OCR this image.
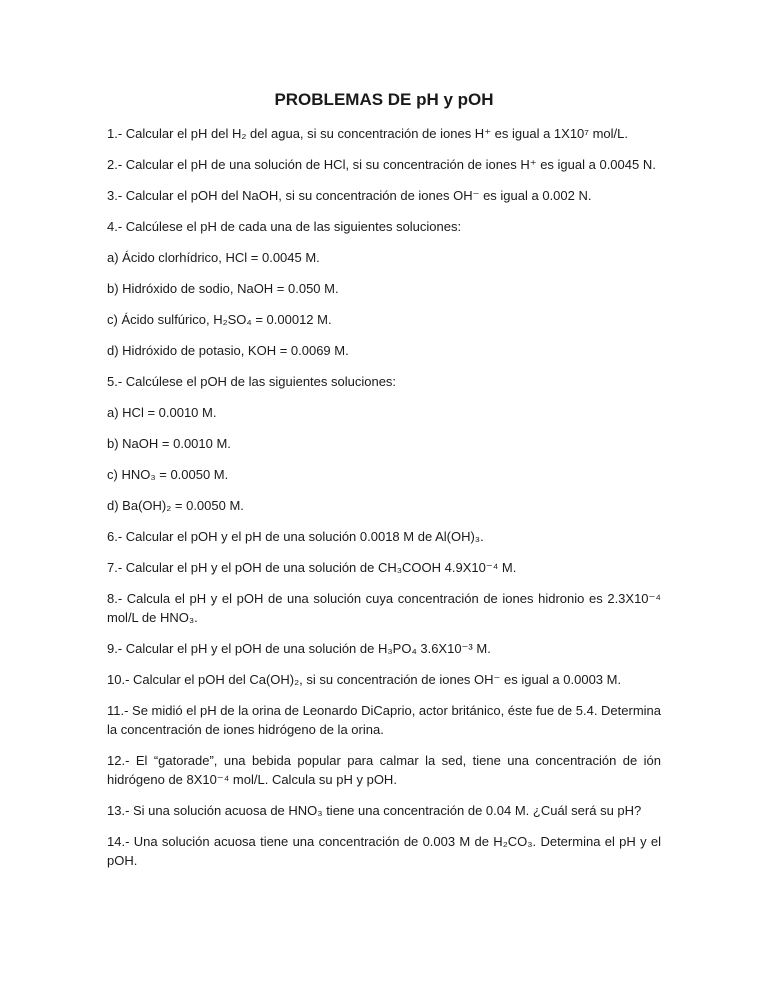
PROBLEMAS DE pH y pOH

1.- Calcular el pH del H₂ del agua, si su concentración de iones H⁺ es igual a 1X10⁷ mol/L.

2.- Calcular el pH de una solución de HCl, si su concentración de iones H⁺ es igual a 0.0045 N.

3.- Calcular el pOH del NaOH, si su concentración de iones OH⁻ es igual a 0.002 N.

4.- Calcúlese el pH de cada una de las siguientes soluciones:

a) Ácido clorhídrico, HCl = 0.0045 M.

b) Hidróxido de sodio, NaOH = 0.050 M.

c) Ácido sulfúrico, H₂SO₄ = 0.00012 M.

d) Hidróxido de potasio, KOH = 0.0069 M.

5.- Calcúlese el pOH de las siguientes soluciones:

a) HCl = 0.0010 M.

b) NaOH = 0.0010 M.

c) HNO₃ = 0.0050 M.

d) Ba(OH)₂ = 0.0050 M.

6.- Calcular el pOH y el pH de una solución 0.0018 M de Al(OH)₃.

7.- Calcular el pH y el pOH de una solución de CH₃COOH 4.9X10⁻⁴ M.

8.- Calcula el pH y el pOH de una solución cuya concentración de iones hidronio es 2.3X10⁻⁴ mol/L de HNO₃.

9.- Calcular el pH y el pOH de una solución de H₃PO₄ 3.6X10⁻³ M.

10.- Calcular el pOH del Ca(OH)₂, si su concentración de iones OH⁻ es igual a 0.0003 M.

11.- Se midió el pH de la orina de Leonardo DiCaprio, actor británico, éste fue de 5.4. Determina la concentración de iones hidrógeno de la orina.

12.- El “gatorade”, una bebida popular para calmar la sed, tiene una concentración de ión hidrógeno de 8X10⁻⁴ mol/L. Calcula su pH y pOH.

13.- Si una solución acuosa de HNO₃ tiene una concentración de 0.04 M. ¿Cuál será su pH?

14.- Una solución acuosa tiene una concentración de 0.003 M de H₂CO₃. Determina el pH y el pOH.
